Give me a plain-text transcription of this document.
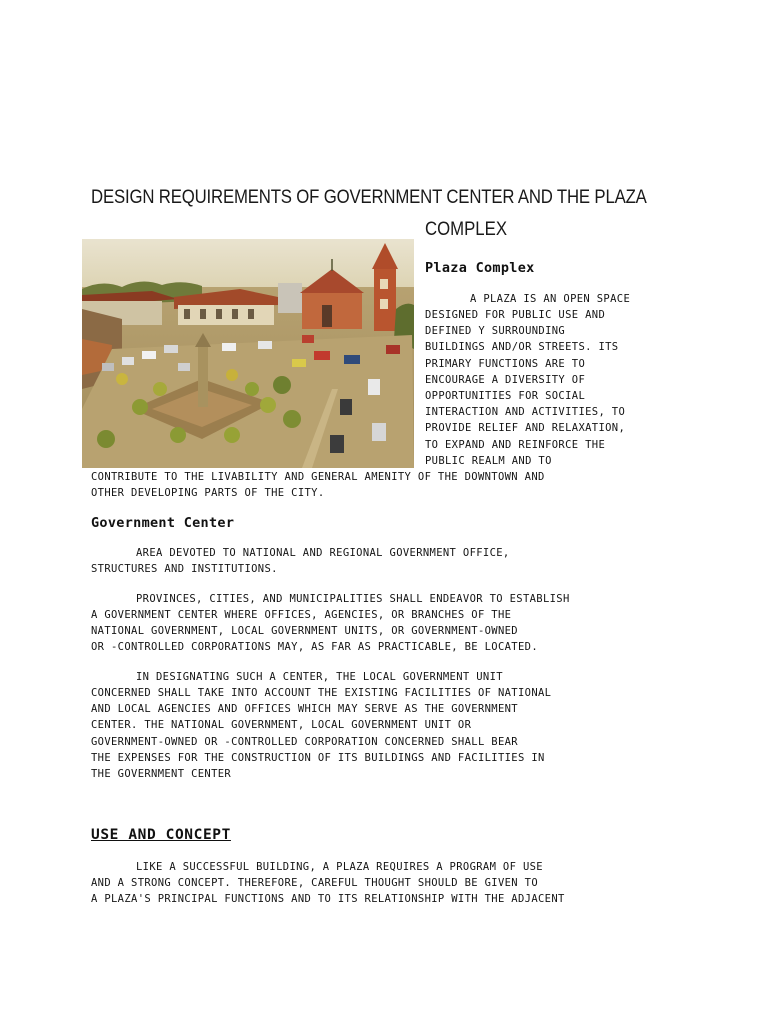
DESIGN REQUIREMENTS OF GOVERNMENT CENTER AND THE PLAZA
COMPLEX
Plaza Complex
A PLAZA IS AN OPEN SPACE
DESIGNED FOR PUBLIC USE AND
DEFINED Y SURROUNDING
BUILDINGS AND/OR STREETS. ITS
PRIMARY FUNCTIONS ARE TO
ENCOURAGE A DIVERSITY OF
OPPORTUNITIES FOR SOCIAL
INTERACTION AND ACTIVITIES, TO
PROVIDE RELIEF AND RELAXATION,
TO EXPAND AND REINFORCE THE
PUBLIC REALM AND TO
CONTRIBUTE TO THE LIVABILITY AND GENERAL AMENITY OF THE DOWNTOWN AND
OTHER DEVELOPING PARTS OF THE CITY.
Government Center
AREA DEVOTED TO NATIONAL AND REGIONAL GOVERNMENT OFFICE,
STRUCTURES AND INSTITUTIONS.
PROVINCES, CITIES, AND MUNICIPALITIES SHALL ENDEAVOR TO ESTABLISH
A GOVERNMENT CENTER WHERE OFFICES, AGENCIES, OR BRANCHES OF THE
NATIONAL GOVERNMENT, LOCAL GOVERNMENT UNITS, OR GOVERNMENT-OWNED
OR -CONTROLLED CORPORATIONS MAY, AS FAR AS PRACTICABLE, BE LOCATED.
IN DESIGNATING SUCH A CENTER, THE LOCAL GOVERNMENT UNIT
CONCERNED SHALL TAKE INTO ACCOUNT THE EXISTING FACILITIES OF NATIONAL
AND LOCAL AGENCIES AND OFFICES WHICH MAY SERVE AS THE GOVERNMENT
CENTER. THE NATIONAL GOVERNMENT, LOCAL GOVERNMENT UNIT OR
GOVERNMENT-OWNED OR -CONTROLLED CORPORATION CONCERNED SHALL BEAR
THE EXPENSES FOR THE CONSTRUCTION OF ITS BUILDINGS AND FACILITIES IN
THE GOVERNMENT CENTER
USE AND CONCEPT
LIKE A SUCCESSFUL BUILDING, A PLAZA REQUIRES A PROGRAM OF USE
AND A STRONG CONCEPT. THEREFORE, CAREFUL THOUGHT SHOULD BE GIVEN TO
A PLAZA'S PRINCIPAL FUNCTIONS AND TO ITS RELATIONSHIP WITH THE ADJACENT
